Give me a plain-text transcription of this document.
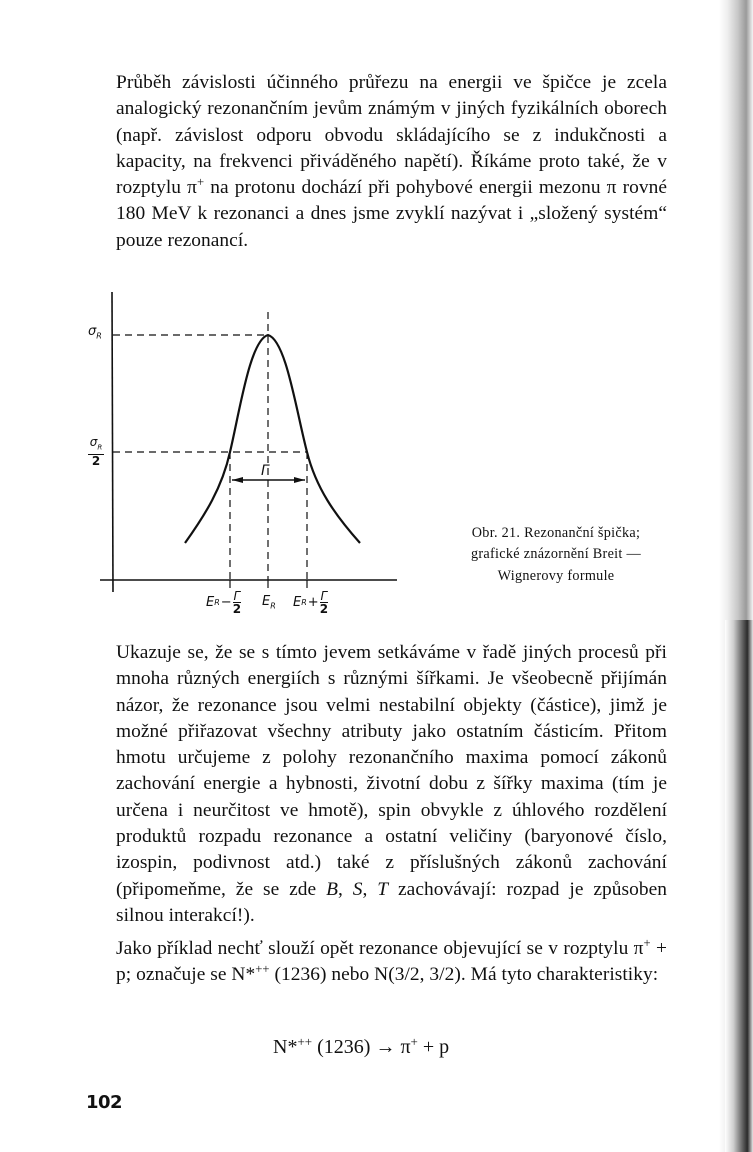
Průběh závislosti účinného průřezu na energii ve špičce je zcela analogický rezonančním jevům známým v jiných fyzikálních oborech (např. závislost odporu obvodu skládajícího se z indukčnosti a kapacity, na frekvenci přiváděného napětí). Říkáme proto také, že v rozptylu π+ na protonu dochází při pohybové energii mezonu π rovné 180 MeV k rezonanci a dnes jsme zvyklí nazývat i „složený systém“ pouze rezonancí.
$\sigma_R$
$\sigma_R$
2
Γ
E $R - \frac{\Gamma}{2} E_R$ E $R + \frac{\Gamma}{2}$
Obr. 21. Rezonanční špička;
grafické znázornění Breit —
Wignerovy formule
Ukazuje se, že se s tímto jevem setkáváme v řadě jiných procesů při mnoha různých energiích s různými šířkami. Je všeobecně přijímán názor, že rezonance jsou velmi nestabilní objekty (částice), jimž je možné přiřazovat všechny atributy jako ostatním částicím. Přitom hmotu určujeme z polohy rezonančního maxima pomocí zákonů zachování energie a hybnosti, životní dobu z šířky maxima (tím je určena i neurčitost ve hmotě), spin obvykle z úhlového rozdělení produktů rozpadu rezonance a ostatní veličiny (baryonové číslo, izospin, podivnost atd.) také z příslušných zákonů zachování (připomeňme, že se zde B, S, T zachovávají: rozpad je způsoben silnou interakcí!).
Jako příklad nechť slouží opět rezonance objevující se v rozptylu π+ + p; označuje se N*++ (1236) nebo N(3/2, 3/2). Má tyto charakteristiky:
N*++ (1236) → π+ + p
102
